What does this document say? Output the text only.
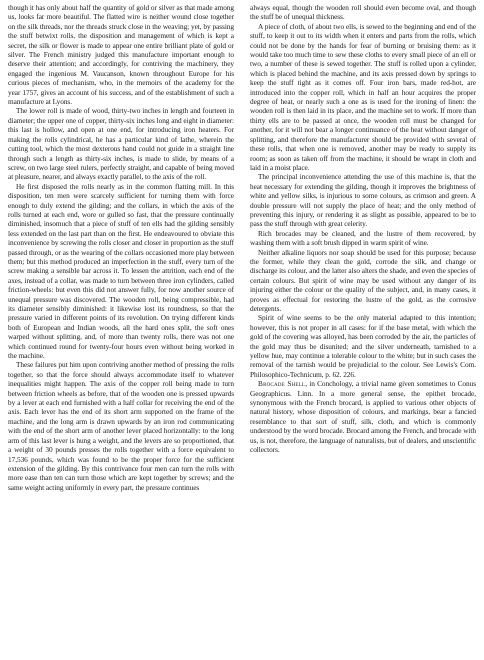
though it has only about half the quantity of gold or silver as that made among us, looks far more beautiful. The flatted wire is neither wound close together on the silk threads, nor the threads struck close in the weaving; yet, by passing the stuff betwixt rolls, the disposition and management of which is kept a secret, the silk or flower is made to appear one entire brilliant plate of gold or silver. The French ministry judged this manufacture important enough to deserve their attention; and accordingly, for contriving the machinery, they engaged the ingenious M. Vaucanson, known throughout Europe for his curious pieces of mechanism, who, in the memoirs of the academy for the year 1757, gives an account of his success, and of the establishment of such a manufacture at Lyons.

The lower roll is made of wood, thirty-two inches in length and fourteen in diameter; the upper one of copper, thirty-six inches long and eight in diameter: this last is hollow, and open at one end, for introducing iron heaters. For making the rolls cylindrical, he has a particular kind of lathe, wherein the cutting tool, which the most dexterous hand could not guide in a straight line through such a length as thirty-six inches, is made to slide, by means of a screw, on two large steel rulers, perfectly straight, and capable of being moved at pleasure, nearer, and always exactly parallel, to the axis of the roll.

He first disposed the rolls nearly as in the common flatting mill. In this disposition, ten men were scarcely sufficient for turning them with force enough to duly extend the gilding; and the collars, in which the axis of the rolls turned at each end, wore or gulled so fast, that the pressure continually diminished, insomuch that a piece of stuff of ten ells had the gilding sensibly less extended on the last part than on the first. He endeavoured to obviate this inconvenience by screwing the rolls closer and closer in proportion as the stuff passed through, or as the wearing of the collars occasioned more play between them; but this method produced an imperfection in the stuff, every turn of the screw making a sensible bar across it. To lessen the attrition, each end of the axes, instead of a collar, was made to turn between three iron cylinders, called friction-wheels: but even this did not answer fully, for now another source of unequal pressure was discovered. The wooden roll, being compressible, had its diameter sensibly diminished: it likewise lost its roundness, so that the pressure varied in different points of its revolution. On trying different kinds both of European and Indian woods, all the hard ones split, the soft ones warped without splitting, and, of more than twenty rolls, there was not one which continued round for twenty-four hours even without being worked in the machine.

These failures put him upon contriving another method of pressing the rolls together, so that the force should always accommodate itself to whatever inequalities might happen. The axis of the copper roll being made to turn between friction wheels as before, that of the wooden one is pressed upwards by a lever at each end furnished with a half collar for receiving the end of the axis. Each lever has the end of its short arm supported on the frame of the machine, and the long arm is drawn upwards by an iron rod communicating with the end of the short arm of another lever placed horizontally: to the long arm of this last lever is hung a weight, and the levers are so proportioned, that a weight of 30 pounds presses the rolls together with a force equivalent to 17,536 pounds, which was found to be the proper force for the sufficient extension of the gilding. By this contrivance four men can turn the rolls with more ease than ten can turn those which are kept together by screws; and the same weight acting uniformly in every part, the pressure continues

always equal, though the wooden roll should even become oval, and though the stuff be of unequal thickness.

A piece of cloth, of about two ells, is sewed to the beginning and end of the stuff, to keep it out to its width when it enters and parts from the rolls, which could not be done by the hands for fear of burning or bruising them: as it would take too much time to sew these cloths to every small piece of an ell or two, a number of these is sewed together. The stuff is rolled upon a cylinder, which is placed behind the machine, and its axis pressed down by springs to keep the stuff tight as it comes off. Four iron bars, made red-hot, are introduced into the copper roll, which in half an hour acquires the proper degree of heat, or nearly such a one as is used for the ironing of linen: the wooden roll is then laid in its place, and the machine set to work. If more than thirty ells are to be passed at once, the wooden roll must be changed for another, for it will not bear a longer continuance of the heat without danger of splitting, and therefore the manufacturer should be provided with several of these rolls, that when one is removed, another may be ready to supply its room; as soon as taken off from the machine, it should be wrapt in cloth and laid in a moist place.

The principal inconvenience attending the use of this machine is, that the heat necessary for extending the gilding, though it improves the brightness of white and yellow silks, is injurious to some colours, as crimson and green. A double pressure will not supply the place of heat; and the only method of preventing this injury, or rendering it as slight as possible, appeared to be to pass the stuff through with great celerity.

Rich brocades may be cleaned, and the lustre of them recovered, by washing them with a soft brush dipped in warm spirit of wine.

Neither alkaline liquors nor soap should be used for this purpose; because the former, while they clean the gold, corrode the silk, and change or discharge its colour, and the latter also alters the shade, and even the species of certain colours. But spirit of wine may be used without any danger of its injuring either the colour or the quality of the subject, and, in many cases, it proves as effectual for restoring the lustre of the gold, as the corrosive detergents.

Spirit of wine seems to be the only material adapted to this intention; however, this is not proper in all cases: for if the base metal, with which the gold of the covering was alloyed, has been corroded by the air, the particles of the gold may thus be disunited; and the silver underneath, tarnished to a yellow hue, may continue a tolerable colour to the white; but in such cases the removal of the tarnish would be prejudicial to the colour. See Lewis's Com. Philosophico-Technicum, p. 62. 226.

Brocade Shell, in Conchology, a trivial name given sometimes to Conus Geographicus. Linn. In a more general sense, the epithet brocade, synonymous with the French brocard, is applied to various other objects of natural history, whose disposition of colours, and markings, bear a fancied resemblance to that sort of stuff, silk, cloth, and which is commonly understood by the word brocade. Brocard among the French, and brocade with us, is not, therefore, the language of naturalists, but of dealers, and unscientific collectors.
